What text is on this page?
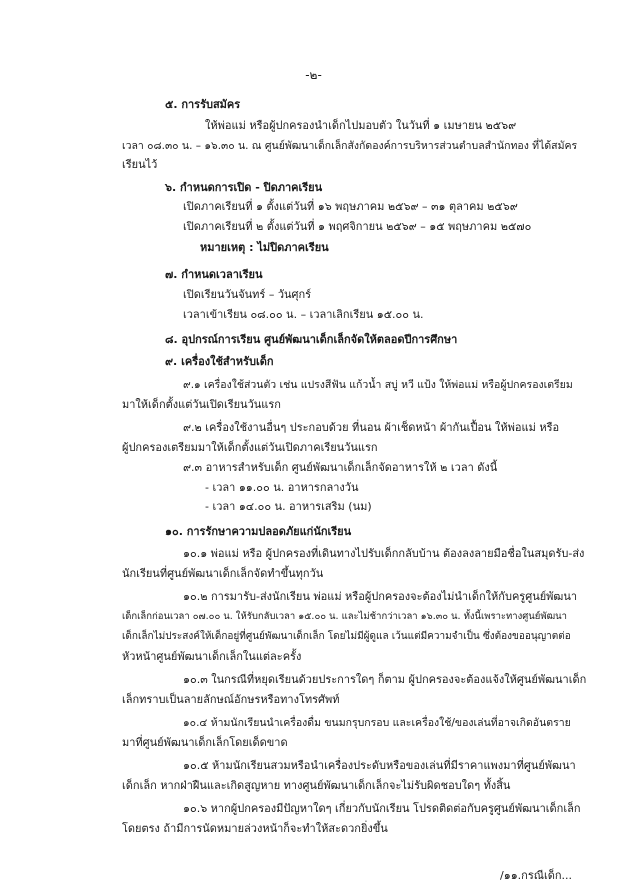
-๒-
๕. การรับสมัคร
ให้พ่อแม่ หรือผู้ปกครองนำเด็กไปมอบตัว ในวันที่ ๑ เมษายน ๒๕๖๙
เวลา ๐๘.๓๐ น. – ๑๖.๓๐ น. ณ ศูนย์พัฒนาเด็กเล็กสังกัดองค์การบริหารส่วนตำบลสำนักทอง ที่ได้สมัคร
เรียนไว้
๖. กำหนดการเปิด - ปิดภาคเรียน
เปิดภาคเรียนที่ ๑ ตั้งแต่วันที่ ๑๖ พฤษภาคม ๒๕๖๙ – ๓๑ ตุลาคม ๒๕๖๙
เปิดภาคเรียนที่ ๒ ตั้งแต่วันที่ ๑ พฤศจิกายน ๒๕๖๙ – ๑๕ พฤษภาคม ๒๕๗๐
หมายเหตุ : ไม่ปิดภาคเรียน
๗. กำหนดเวลาเรียน
เปิดเรียนวันจันทร์ – วันศุกร์
เวลาเข้าเรียน ๐๘.๐๐ น. – เวลาเลิกเรียน ๑๕.๐๐ น.
๘. อุปกรณ์การเรียน ศูนย์พัฒนาเด็กเล็กจัดให้ตลอดปีการศึกษา
๙. เครื่องใช้สำหรับเด็ก
๙.๑ เครื่องใช้ส่วนตัว เช่น แปรงสีฟัน แก้วน้ำ สบู่ หวี แป้ง ให้พ่อแม่ หรือผู้ปกครองเตรียม
มาให้เด็กตั้งแต่วันเปิดเรียนวันแรก
๙.๒ เครื่องใช้งานอื่นๆ ประกอบด้วย ที่นอน ผ้าเช็ดหน้า ผ้ากันเปื้อน ให้พ่อแม่ หรือ
ผู้ปกครองเตรียมมาให้เด็กตั้งแต่วันเปิดภาคเรียนวันแรก
๙.๓ อาหารสำหรับเด็ก ศูนย์พัฒนาเด็กเล็กจัดอาหารให้ ๒ เวลา ดังนี้
- เวลา ๑๑.๐๐ น. อาหารกลางวัน
- เวลา ๑๔.๐๐ น. อาหารเสริม (นม)
๑๐. การรักษาความปลอดภัยแก่นักเรียน
๑๐.๑ พ่อแม่ หรือ ผู้ปกครองที่เดินทางไปรับเด็กกลับบ้าน ต้องลงลายมือชื่อในสมุดรับ-ส่ง
นักเรียนที่ศูนย์พัฒนาเด็กเล็กจัดทำขึ้นทุกวัน
๑๐.๒ การมารับ-ส่งนักเรียน พ่อแม่ หรือผู้ปกครองจะต้องไม่นำเด็กให้กับครูศูนย์พัฒนา
เด็กเล็กก่อนเวลา ๐๗.๐๐ น. ให้รับกลับเวลา ๑๕.๐๐ น. และไม่ช้ากว่าเวลา ๑๖.๓๐ น. ทั้งนี้เพราะทางศูนย์พัฒนา
เด็กเล็กไม่ประสงค์ให้เด็กอยู่ที่ศูนย์พัฒนาเด็กเล็ก โดยไม่มีผู้ดูแล เว้นแต่มีความจำเป็น ซึ่งต้องขออนุญาตต่อ
หัวหน้าศูนย์พัฒนาเด็กเล็กในแต่ละครั้ง
๑๐.๓ ในกรณีที่หยุดเรียนด้วยประการใดๆ ก็ตาม ผู้ปกครองจะต้องแจ้งให้ศูนย์พัฒนาเด็ก
เล็กทราบเป็นลายลักษณ์อักษรหรือทางโทรศัพท์
๑๐.๔ ห้ามนักเรียนนำเครื่องดื่ม ขนมกรุบกรอบ และเครื่องใช้/ของเล่นที่อาจเกิดอันตราย
มาที่ศูนย์พัฒนาเด็กเล็กโดยเด็ดขาด
๑๐.๕ ห้ามนักเรียนสวมหรือนำเครื่องประดับหรือของเล่นที่มีราคาแพงมาที่ศูนย์พัฒนา
เด็กเล็ก หากฝ่าฝืนและเกิดสูญหาย ทางศูนย์พัฒนาเด็กเล็กจะไม่รับผิดชอบใดๆ ทั้งสิ้น
๑๐.๖ หากผู้ปกครองมีปัญหาใดๆ เกี่ยวกับนักเรียน โปรดติดต่อกับครูศูนย์พัฒนาเด็กเล็ก
โดยตรง ถ้ามีการนัดหมายล่วงหน้าก็จะทำให้สะดวกยิ่งขึ้น
/๑๑.กรณีเด็ก...
